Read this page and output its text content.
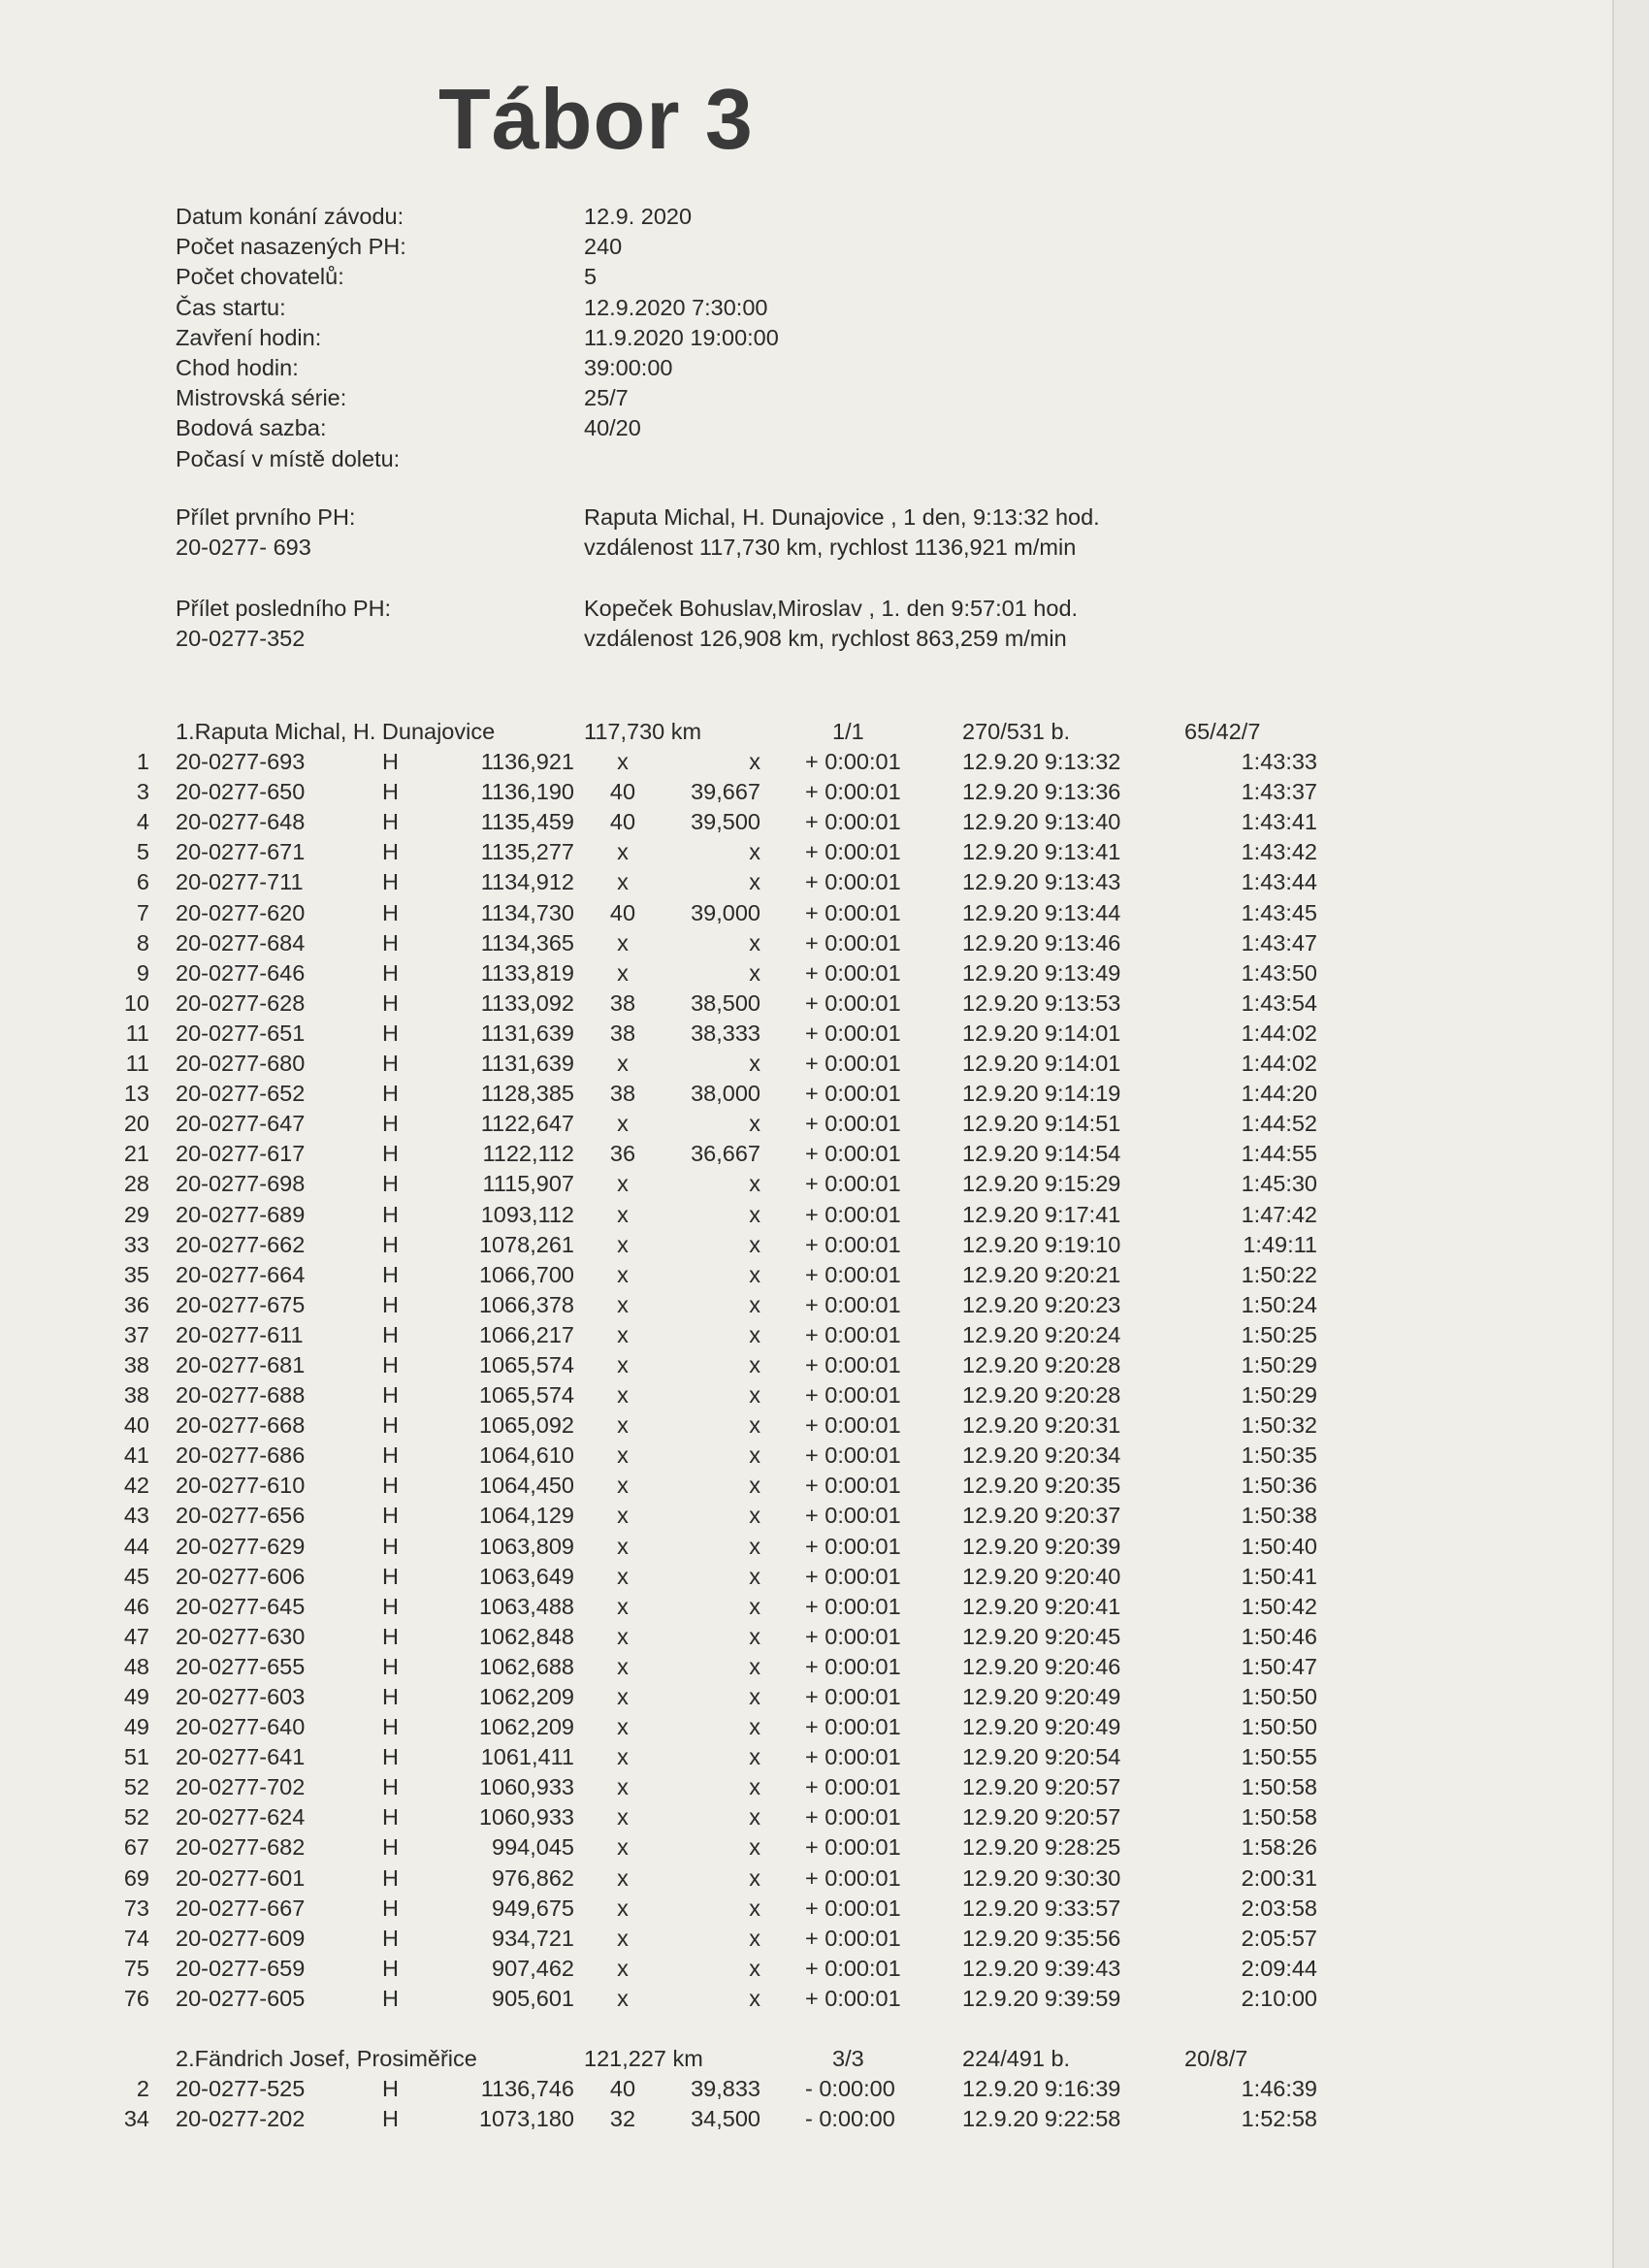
Tábor 3
Datum konání závodu:	12.9. 2020
Počet nasazených PH:	240
Počet chovatelů:	5
Čas startu:	12.9.2020 7:30:00
Zavření hodin:	11.9.2020 19:00:00
Chod hodin:	39:00:00
Mistrovská série:	25/7
Bodová sazba:	40/20
Počasí v místě doletu:
Přílet prvního PH:	Raputa Michal, H. Dunajovice , 1 den, 9:13:32 hod.
20-0277- 693	vzdálenost 117,730 km, rychlost 1136,921 m/min
Přílet posledního PH:	Kopeček Bohuslav,Miroslav , 1. den 9:57:01 hod.
20-0277-352	vzdálenost 126,908 km, rychlost 863,259 m/min
1.Raputa Michal, H. Dunajovice	117,730 km	1/1	270/531 b.	65/42/7
1 20-0277-693	H	1136,921	x	x + 0:00:01	12.9.20 9:13:32	1:43:33
3 20-0277-650	H	1136,190 40	39,667 + 0:00:01	12.9.20 9:13:36	1:43:37
4 20-0277-648	H	1135,459 40	39,500 + 0:00:01	12.9.20 9:13:40	1:43:41
5 20-0277-671	H	1135,277	x	x + 0:00:01	12.9.20 9:13:41	1:43:42
6 20-0277-711	H	1134,912	x	x + 0:00:01	12.9.20 9:13:43	1:43:44
7 20-0277-620	H	1134,730 40	39,000 + 0:00:01	12.9.20 9:13:44	1:43:45
8 20-0277-684	H	1134,365	x	x + 0:00:01	12.9.20 9:13:46	1:43:47
9 20-0277-646	H	1133,819	x	x + 0:00:01	12.9.20 9:13:49	1:43:50
10 20-0277-628	H	1133,092 38	38,500 + 0:00:01	12.9.20 9:13:53	1:43:54
11 20-0277-651	H	1131,639 38	38,333 + 0:00:01	12.9.20 9:14:01	1:44:02
11 20-0277-680	H	1131,639	x	x + 0:00:01	12.9.20 9:14:01	1:44:02
13 20-0277-652	H	1128,385 38	38,000 + 0:00:01	12.9.20 9:14:19	1:44:20
20 20-0277-647	H	1122,647	x	x + 0:00:01	12.9.20 9:14:51	1:44:52
21 20-0277-617	H	1122,112 36	36,667 + 0:00:01	12.9.20 9:14:54	1:44:55
28 20-0277-698	H	1115,907	x	x + 0:00:01	12.9.20 9:15:29	1:45:30
29 20-0277-689	H	1093,112	x	x + 0:00:01	12.9.20 9:17:41	1:47:42
33 20-0277-662	H	1078,261	x	x + 0:00:01	12.9.20 9:19:10	1:49:11
35 20-0277-664	H	1066,700	x	x + 0:00:01	12.9.20 9:20:21	1:50:22
36 20-0277-675	H	1066,378	x	x + 0:00:01	12.9.20 9:20:23	1:50:24
37 20-0277-611	H	1066,217	x	x + 0:00:01	12.9.20 9:20:24	1:50:25
38 20-0277-681	H	1065,574	x	x + 0:00:01	12.9.20 9:20:28	1:50:29
38 20-0277-688	H	1065,574	x	x + 0:00:01	12.9.20 9:20:28	1:50:29
40 20-0277-668	H	1065,092	x	x + 0:00:01	12.9.20 9:20:31	1:50:32
41 20-0277-686	H	1064,610	x	x + 0:00:01	12.9.20 9:20:34	1:50:35
42 20-0277-610	H	1064,450	x	x + 0:00:01	12.9.20 9:20:35	1:50:36
43 20-0277-656	H	1064,129	x	x + 0:00:01	12.9.20 9:20:37	1:50:38
44 20-0277-629	H	1063,809	x	x + 0:00:01	12.9.20 9:20:39	1:50:40
45 20-0277-606	H	1063,649	x	x + 0:00:01	12.9.20 9:20:40	1:50:41
46 20-0277-645	H	1063,488	x	x + 0:00:01	12.9.20 9:20:41	1:50:42
47 20-0277-630	H	1062,848	x	x + 0:00:01	12.9.20 9:20:45	1:50:46
48 20-0277-655	H	1062,688	x	x + 0:00:01	12.9.20 9:20:46	1:50:47
49 20-0277-603	H	1062,209	x	x + 0:00:01	12.9.20 9:20:49	1:50:50
49 20-0277-640	H	1062,209	x	x + 0:00:01	12.9.20 9:20:49	1:50:50
51 20-0277-641	H	1061,411	x	x + 0:00:01	12.9.20 9:20:54	1:50:55
52 20-0277-702	H	1060,933	x	x + 0:00:01	12.9.20 9:20:57	1:50:58
52 20-0277-624	H	1060,933	x	x + 0:00:01	12.9.20 9:20:57	1:50:58
67 20-0277-682	H	994,045	x	x + 0:00:01	12.9.20 9:28:25	1:58:26
69 20-0277-601	H	976,862	x	x + 0:00:01	12.9.20 9:30:30	2:00:31
73 20-0277-667	H	949,675	x	x + 0:00:01	12.9.20 9:33:57	2:03:58
74 20-0277-609	H	934,721	x	x + 0:00:01	12.9.20 9:35:56	2:05:57
75 20-0277-659	H	907,462	x	x + 0:00:01	12.9.20 9:39:43	2:09:44
76 20-0277-605	H	905,601	x	x + 0:00:01	12.9.20 9:39:59	2:10:00
2.Fändrich Josef, Prosiměřice	121,227 km	3/3	224/491 b.	20/8/7
2 20-0277-525	H	1136,746 40	39,833 - 0:00:00	12.9.20 9:16:39	1:46:39
34 20-0277-202	H	1073,180 32	34,500 - 0:00:00	12.9.20 9:22:58	1:52:58
